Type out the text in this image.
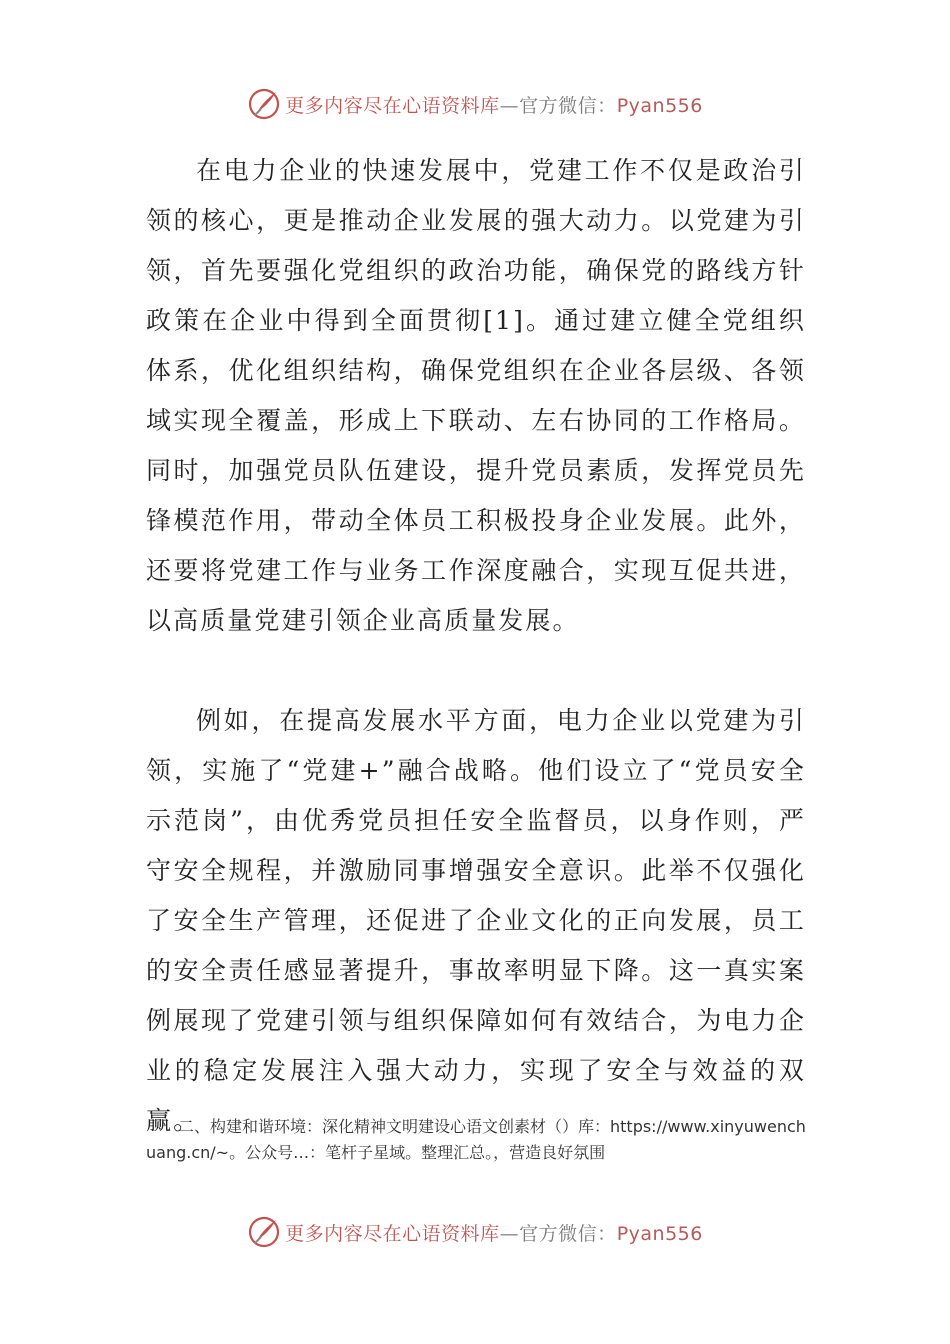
更多内容尽在心语资料库—官方微信：Pyan556

在电力企业的快速发展中，党建工作不仅是政治引领的核心，更是推动企业发展的强大动力。以党建为引领，首先要强化党组织的政治功能，确保党的路线方针政策在企业中得到全面贯彻[1]。通过建立健全党组织体系，优化组织结构，确保党组织在企业各层级、各领域实现全覆盖，形成上下联动、左右协同的工作格局。同时，加强党员队伍建设，提升党员素质，发挥党员先锋模范作用，带动全体员工积极投身企业发展。此外，还要将党建工作与业务工作深度融合，实现互促共进，以高质量党建引领企业高质量发展。

例如，在提高发展水平方面，电力企业以党建为引领，实施了“党建+”融合战略。他们设立了“党员安全示范岗”，由优秀党员担任安全监督员，以身作则，严守安全规程，并激励同事增强安全意识。此举不仅强化了安全生产管理，还促进了企业文化的正向发展，员工的安全责任感显著提升，事故率明显下降。这一真实案例展现了党建引领与组织保障如何有效结合，为电力企业的稳定发展注入强大动力，实现了安全与效益的双赢。

二、构建和谐环境：深化精神文明建设心语文创素材（）库：https://www.xinyuwenchuang.cn/~。公众号…：笔杆子星域。整理汇总。，营造良好氛围
更多内容尽在心语资料库—官方微信：Pyan556
